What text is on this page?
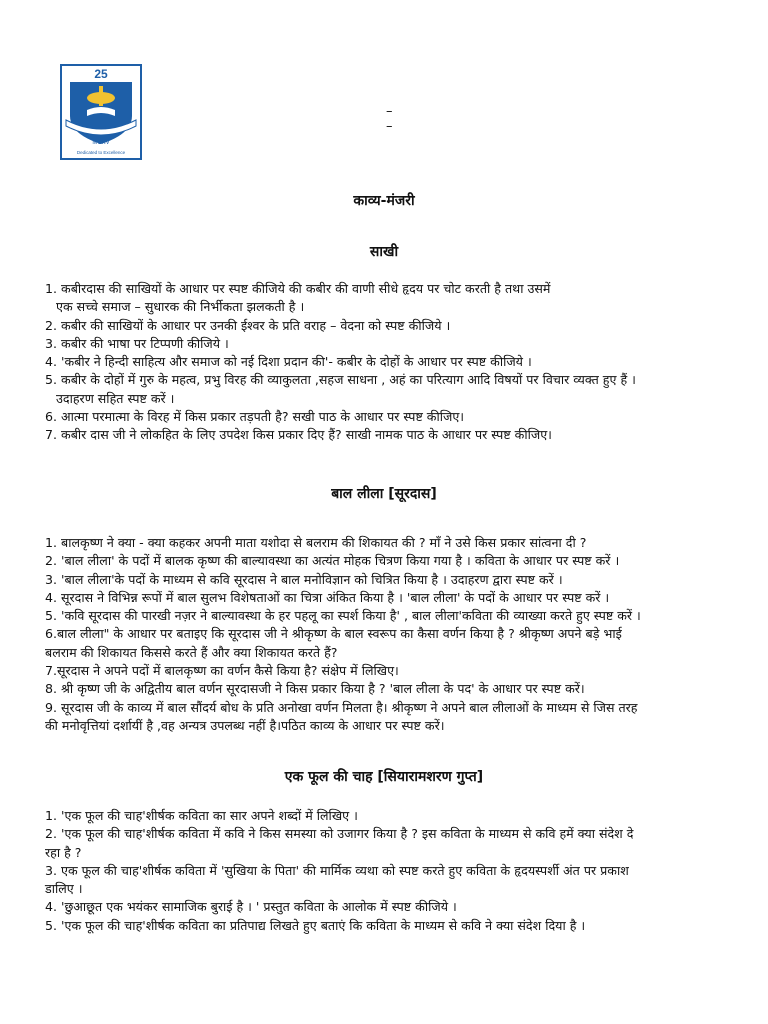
25
MCKV
Dedicated to Excellence
–
–
काव्य-मंजरी
साखी

1. कबीरदास की साखियों के आधार पर स्पष्ट कीजिये की कबीर की वाणी सीधे हृदय पर चोट करती है तथा उसमें

एक सच्चे समाज – सुधारक की निर्भीकता झलकती है ।

2. कबीर की साखियों के आधार पर उनकी ईश्वर के प्रति वराह – वेदना को स्पष्ट कीजिये ।

3. कबीर की भाषा पर टिप्पणी कीजिये ।

4. 'कबीर ने हिन्दी साहित्य और समाज को नई दिशा प्रदान की'- कबीर के दोहों के आधार पर स्पष्ट कीजिये ।

5. कबीर के दोहों में गुरु के महत्व, प्रभु विरह की व्याकुलता ,सहज साधना , अहं का परित्याग आदि विषयों पर विचार व्यक्त हुए हैं ।

उदाहरण सहित स्पष्ट करें ।

6. आत्मा परमात्मा के विरह में किस प्रकार तड़पती है? सखी पाठ के आधार पर स्पष्ट कीजिए।

7. कबीर दास जी ने लोकहित के लिए उपदेश किस प्रकार दिए हैं? साखी नामक पाठ के आधार पर स्पष्ट कीजिए।

बाल लीला [सूरदास]

1. बालकृष्ण ने क्या - क्या कहकर अपनी माता यशोदा से बलराम की शिकायत की ? माँ ने उसे किस प्रकार सांत्वना दी ?

2. 'बाल लीला' के पदों में बालक कृष्ण की बाल्यावस्था का अत्यंत मोहक चित्रण किया गया है । कविता के आधार पर स्पष्ट करें ।

3. 'बाल लीला'के पदों के माध्यम से कवि सूरदास ने बाल मनोविज्ञान को चित्रित किया है । उदाहरण द्वारा स्पष्ट करें ।

4. सूरदास ने विभिन्न रूपों में बाल सुलभ विशेषताओं का चित्रा अंकित किया है । 'बाल लीला' के पदों के आधार पर स्पष्ट करें ।

5. 'कवि सूरदास की पारखी नज़र ने बाल्यावस्था के हर पहलू का स्पर्श किया है' , बाल लीला'कविता की व्याख्या करते हुए स्पष्ट करें ।

6.बाल लीला" के आधार पर बताइए कि सूरदास जी ने श्रीकृष्ण के बाल स्वरूप का कैसा वर्णन किया है ? श्रीकृष्ण अपने बड़े भाई

बलराम की शिकायत किससे करते हैं और क्या शिकायत करते हैं?

7.सूरदास ने अपने पदों में बालकृष्ण का वर्णन कैसे किया है? संक्षेप में लिखिए।

8. श्री कृष्ण जी के अद्वितीय बाल वर्णन सूरदासजी ने किस प्रकार किया है ? 'बाल लीला के पद' के आधार पर स्पष्ट करें।

9. सूरदास जी के काव्य में बाल सौंदर्य बोध के प्रति अनोखा वर्णन मिलता है। श्रीकृष्ण ने अपने बाल लीलाओं के माध्यम से जिस तरह

की मनोवृत्तियां दर्शायीं है ,वह अन्यत्र उपलब्ध नहीं है।पठित काव्य के आधार पर स्पष्ट करें।

एक फूल की चाह [सियारामशरण गुप्त]

1. 'एक फूल की चाह'शीर्षक कविता का सार अपने शब्दों में लिखिए ।

2. 'एक फूल की चाह'शीर्षक कविता में कवि ने किस समस्या को उजागर किया है ? इस कविता के माध्यम से कवि हमें क्या संदेश दे

रहा है ?

3. एक फूल की चाह'शीर्षक कविता में 'सुखिया के पिता' की मार्मिक व्यथा को स्पष्ट करते हुए कविता के हृदयस्पर्शी अंत पर प्रकाश

डालिए ।

4. 'छुआछूत एक भयंकर सामाजिक बुराई है । ' प्रस्तुत कविता के आलोक में स्पष्ट कीजिये ।

5. 'एक फूल की चाह'शीर्षक कविता का प्रतिपाद्य लिखते हुए बताएं कि कविता के माध्यम से कवि ने क्या संदेश दिया है ।
